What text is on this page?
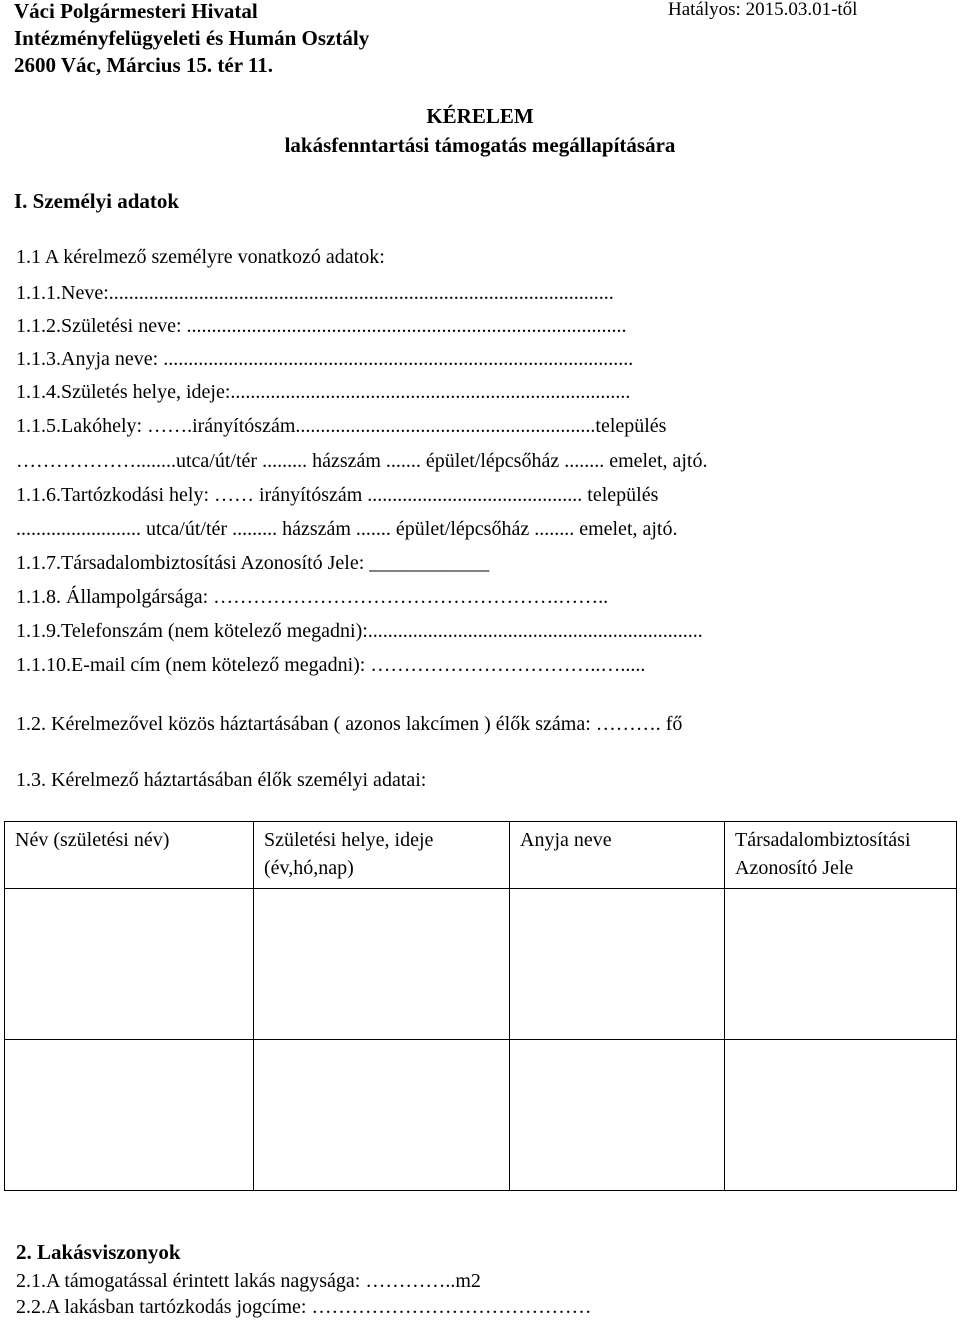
Váci Polgármesteri Hivatal
Intézményfelügyeleti és Humán Osztály
2600 Vác, Március 15. tér 11.
Hatályos: 2015.03.01-től
KÉRELEM
lakásfenntartási támogatás megállapítására
I. Személyi adatok
1.1 A kérelmező személyre vonatkozó adatok:
1.1.1.Neve:.....................................................................................................
1.1.2.Születési neve: ........................................................................................
1.1.3.Anyja neve: ..............................................................................................
1.1.4.Születés helye, ideje:................................................................................
1.1.5.Lakóhely: …….irányítószám............................................................település
………………........utca/út/tér ......... házszám ....... épület/lépcsőház ........ emelet, ajtó.
1.1.6.Tartózkodási hely: …… irányítószám ........................................... település
......................... utca/út/tér ......... házszám ....... épület/lépcsőház ........ emelet, ajtó.
1.1.7.Társadalombiztosítási Azonosító Jele: ____________
1.1.8. Állampolgársága: …………………………………………….……..
1.1.9.Telefonszám (nem kötelező megadni):...................................................................
1.1.10.E-mail cím (nem kötelező megadni): ……………………………..….....
1.2. Kérelmezővel közös háztartásában ( azonos lakcímen ) élők száma: ………. fő
1.3. Kérelmező háztartásában élők személyi adatai:
Név (születési név)	Születési helye, ideje (év,hó,nap)	Anyja neve	Társadalombiztosítási Azonosító Jele

2. Lakásviszonyok
2.1.A támogatással érintett lakás nagysága: …………..m2
2.2.A lakásban tartózkodás jogcíme: ……………………………………
